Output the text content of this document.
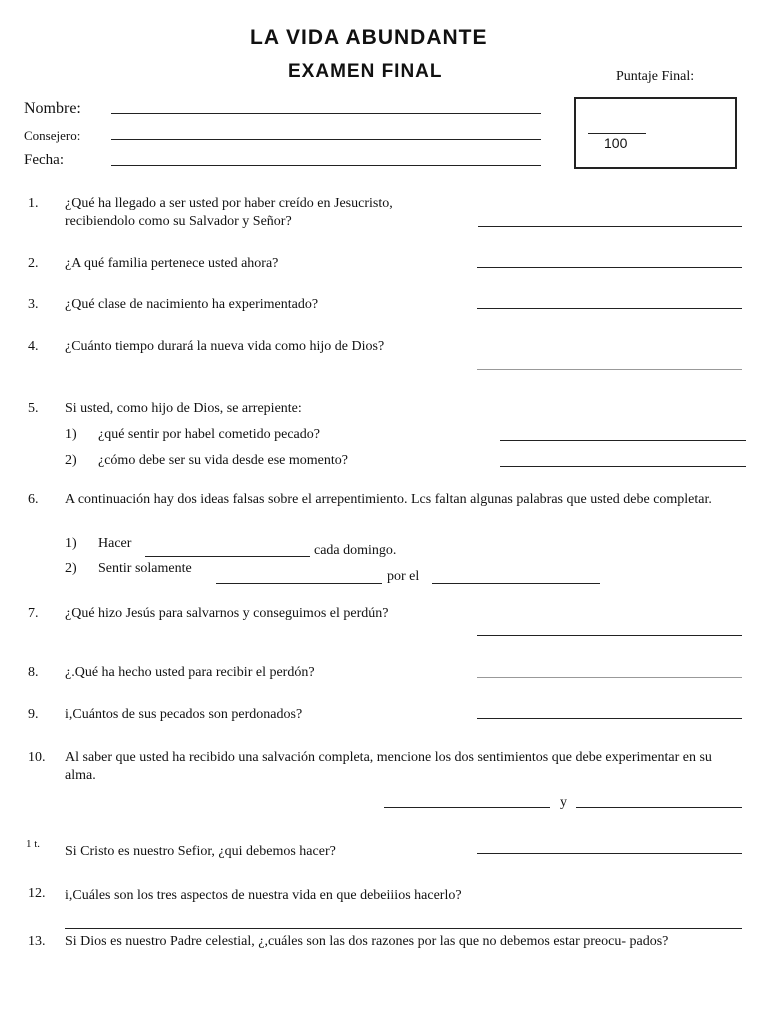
LA VIDA ABUNDANTE
EXAMEN FINAL	Puntaje Final:
100
Nombre:
Consejero:
Fecha:
1. ¿Qué ha llegado a ser usted por haber creído en Jesucristo, recibiendolo como su Salvador y Señor?
2. ¿A qué familia pertenece usted ahora?
3. ¿Qué clase de nacimiento ha experimentado?
4. ¿Cuánto tiempo durará la nueva vida como hijo de Dios?
5. Si usted, como hijo de Dios, se arrepiente:
1) ¿qué sentir por habel cometido pecado?
2) ¿cómo debe ser su vida desde ese momento?
6. A continuación hay dos ideas falsas sobre el arrepentimiento. Lcs faltan algunas palabras que usted debe completar.
1) Hacer	cada domingo.
2) Sentir solamente
por el
7. ¿Qué hizo Jesús para salvarnos y conseguimos el perdún?
8. ¿.Qué ha hecho usted para recibir el perdón?
9. i,Cuántos de sus pecados son perdonados?
10. Al saber que usted ha recibido una salvación completa, mencione los dos sentimientos que debe experimentar en su alma.
y
1 t. Si Cristo es nuestro Sefior, ¿qui debemos hacer?
12. i,Cuáles son los tres aspectos de nuestra vida en que debeiiios hacerlo?
13. Si Dios es nuestro Padre celestial, ¿,cuáles son las dos razones por las que no debemos estar preocu- pados?
